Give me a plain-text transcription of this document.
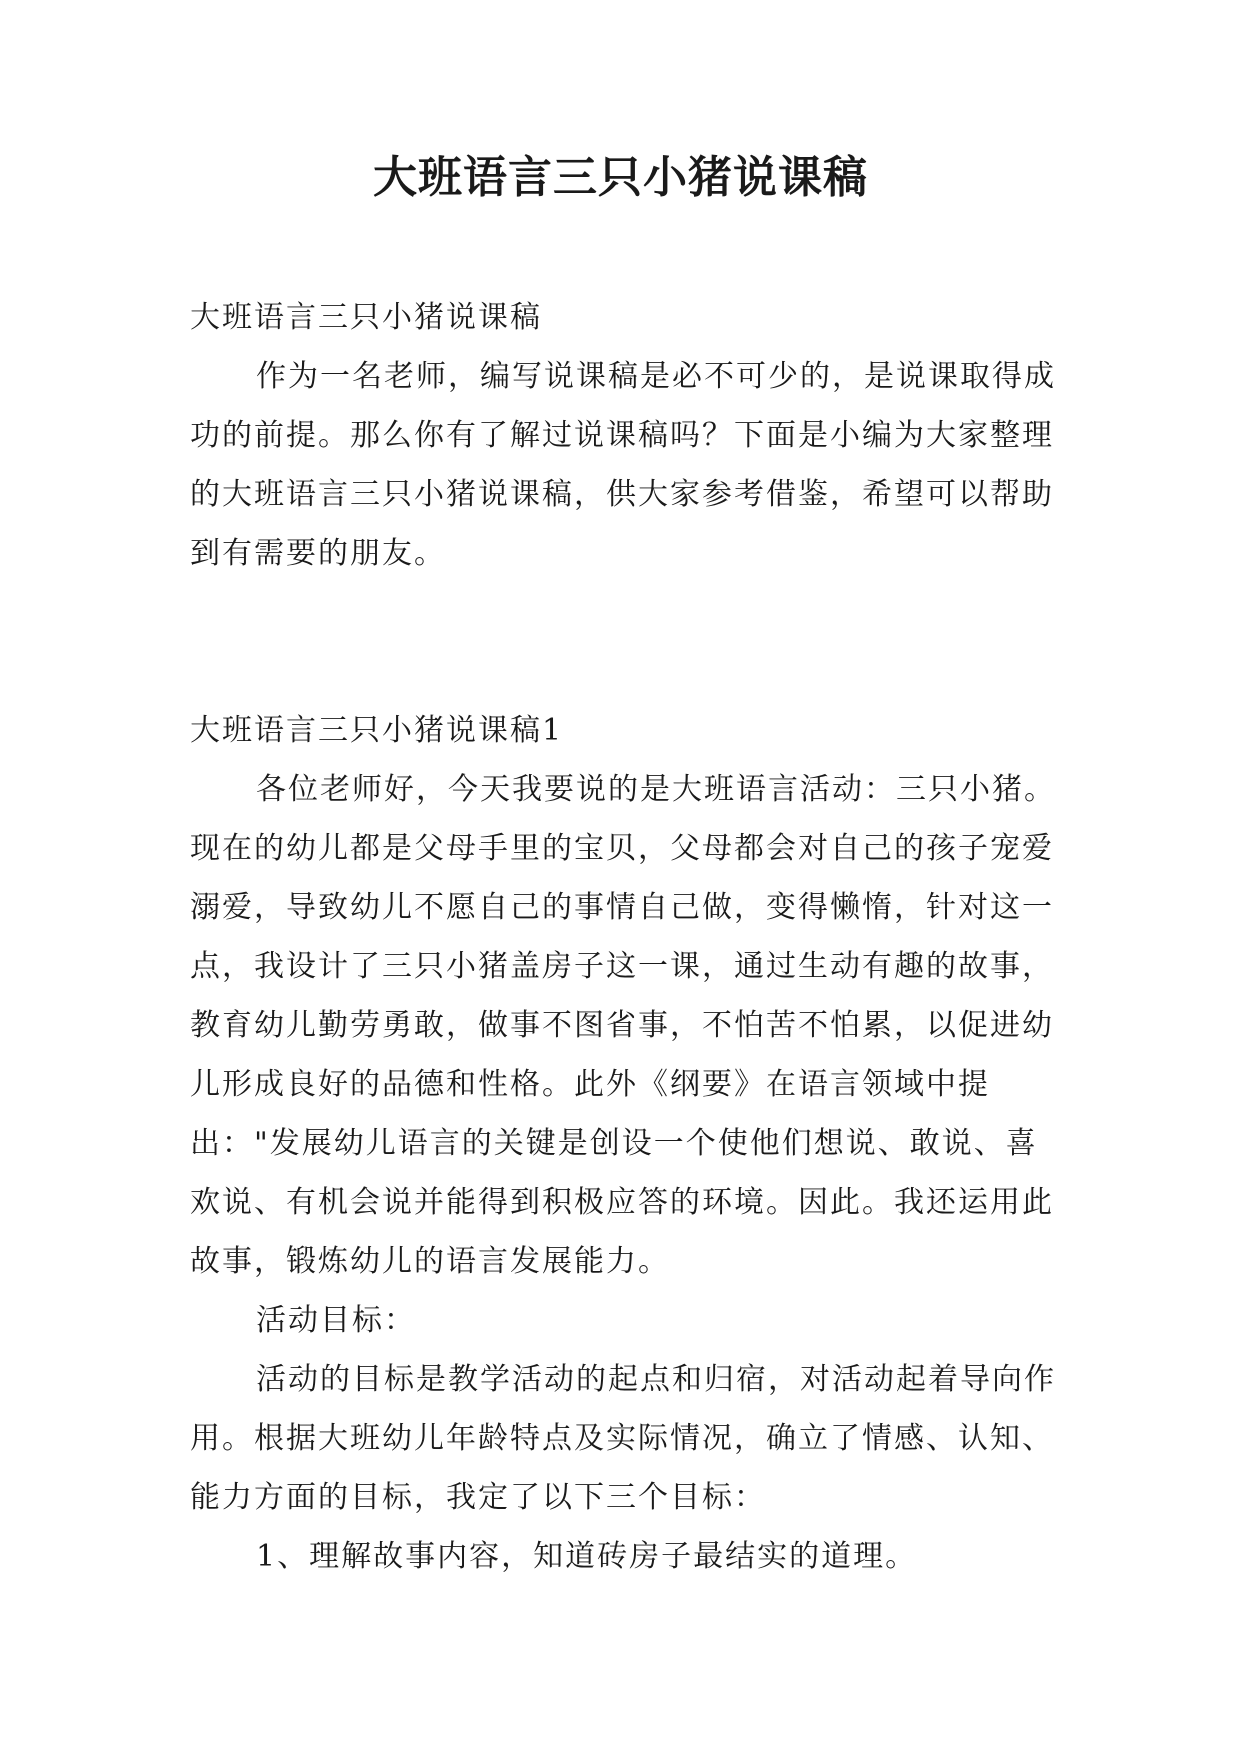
大班语言三只小猪说课稿

大班语言三只小猪说课稿

作为一名老师，编写说课稿是必不可少的，是说课取得成功的前提。那么你有了解过说课稿吗？下面是小编为大家整理的大班语言三只小猪说课稿，供大家参考借鉴，希望可以帮助到有需要的朋友。

大班语言三只小猪说课稿1

各位老师好，今天我要说的是大班语言活动：三只小猪。现在的幼儿都是父母手里的宝贝，父母都会对自己的孩子宠爱溺爱，导致幼儿不愿自己的事情自己做，变得懒惰，针对这一点，我设计了三只小猪盖房子这一课，通过生动有趣的故事，教育幼儿勤劳勇敢，做事不图省事，不怕苦不怕累，以促进幼儿形成良好的品德和性格。此外《纲要》在语言领域中提出："发展幼儿语言的关键是创设一个使他们想说、敢说、喜欢说、有机会说并能得到积极应答的环境。因此。我还运用此故事，锻炼幼儿的语言发展能力。

活动目标：

活动的目标是教学活动的起点和归宿，对活动起着导向作用。根据大班幼儿年龄特点及实际情况，确立了情感、认知、能力方面的目标，我定了以下三个目标：

1、理解故事内容，知道砖房子最结实的道理。
